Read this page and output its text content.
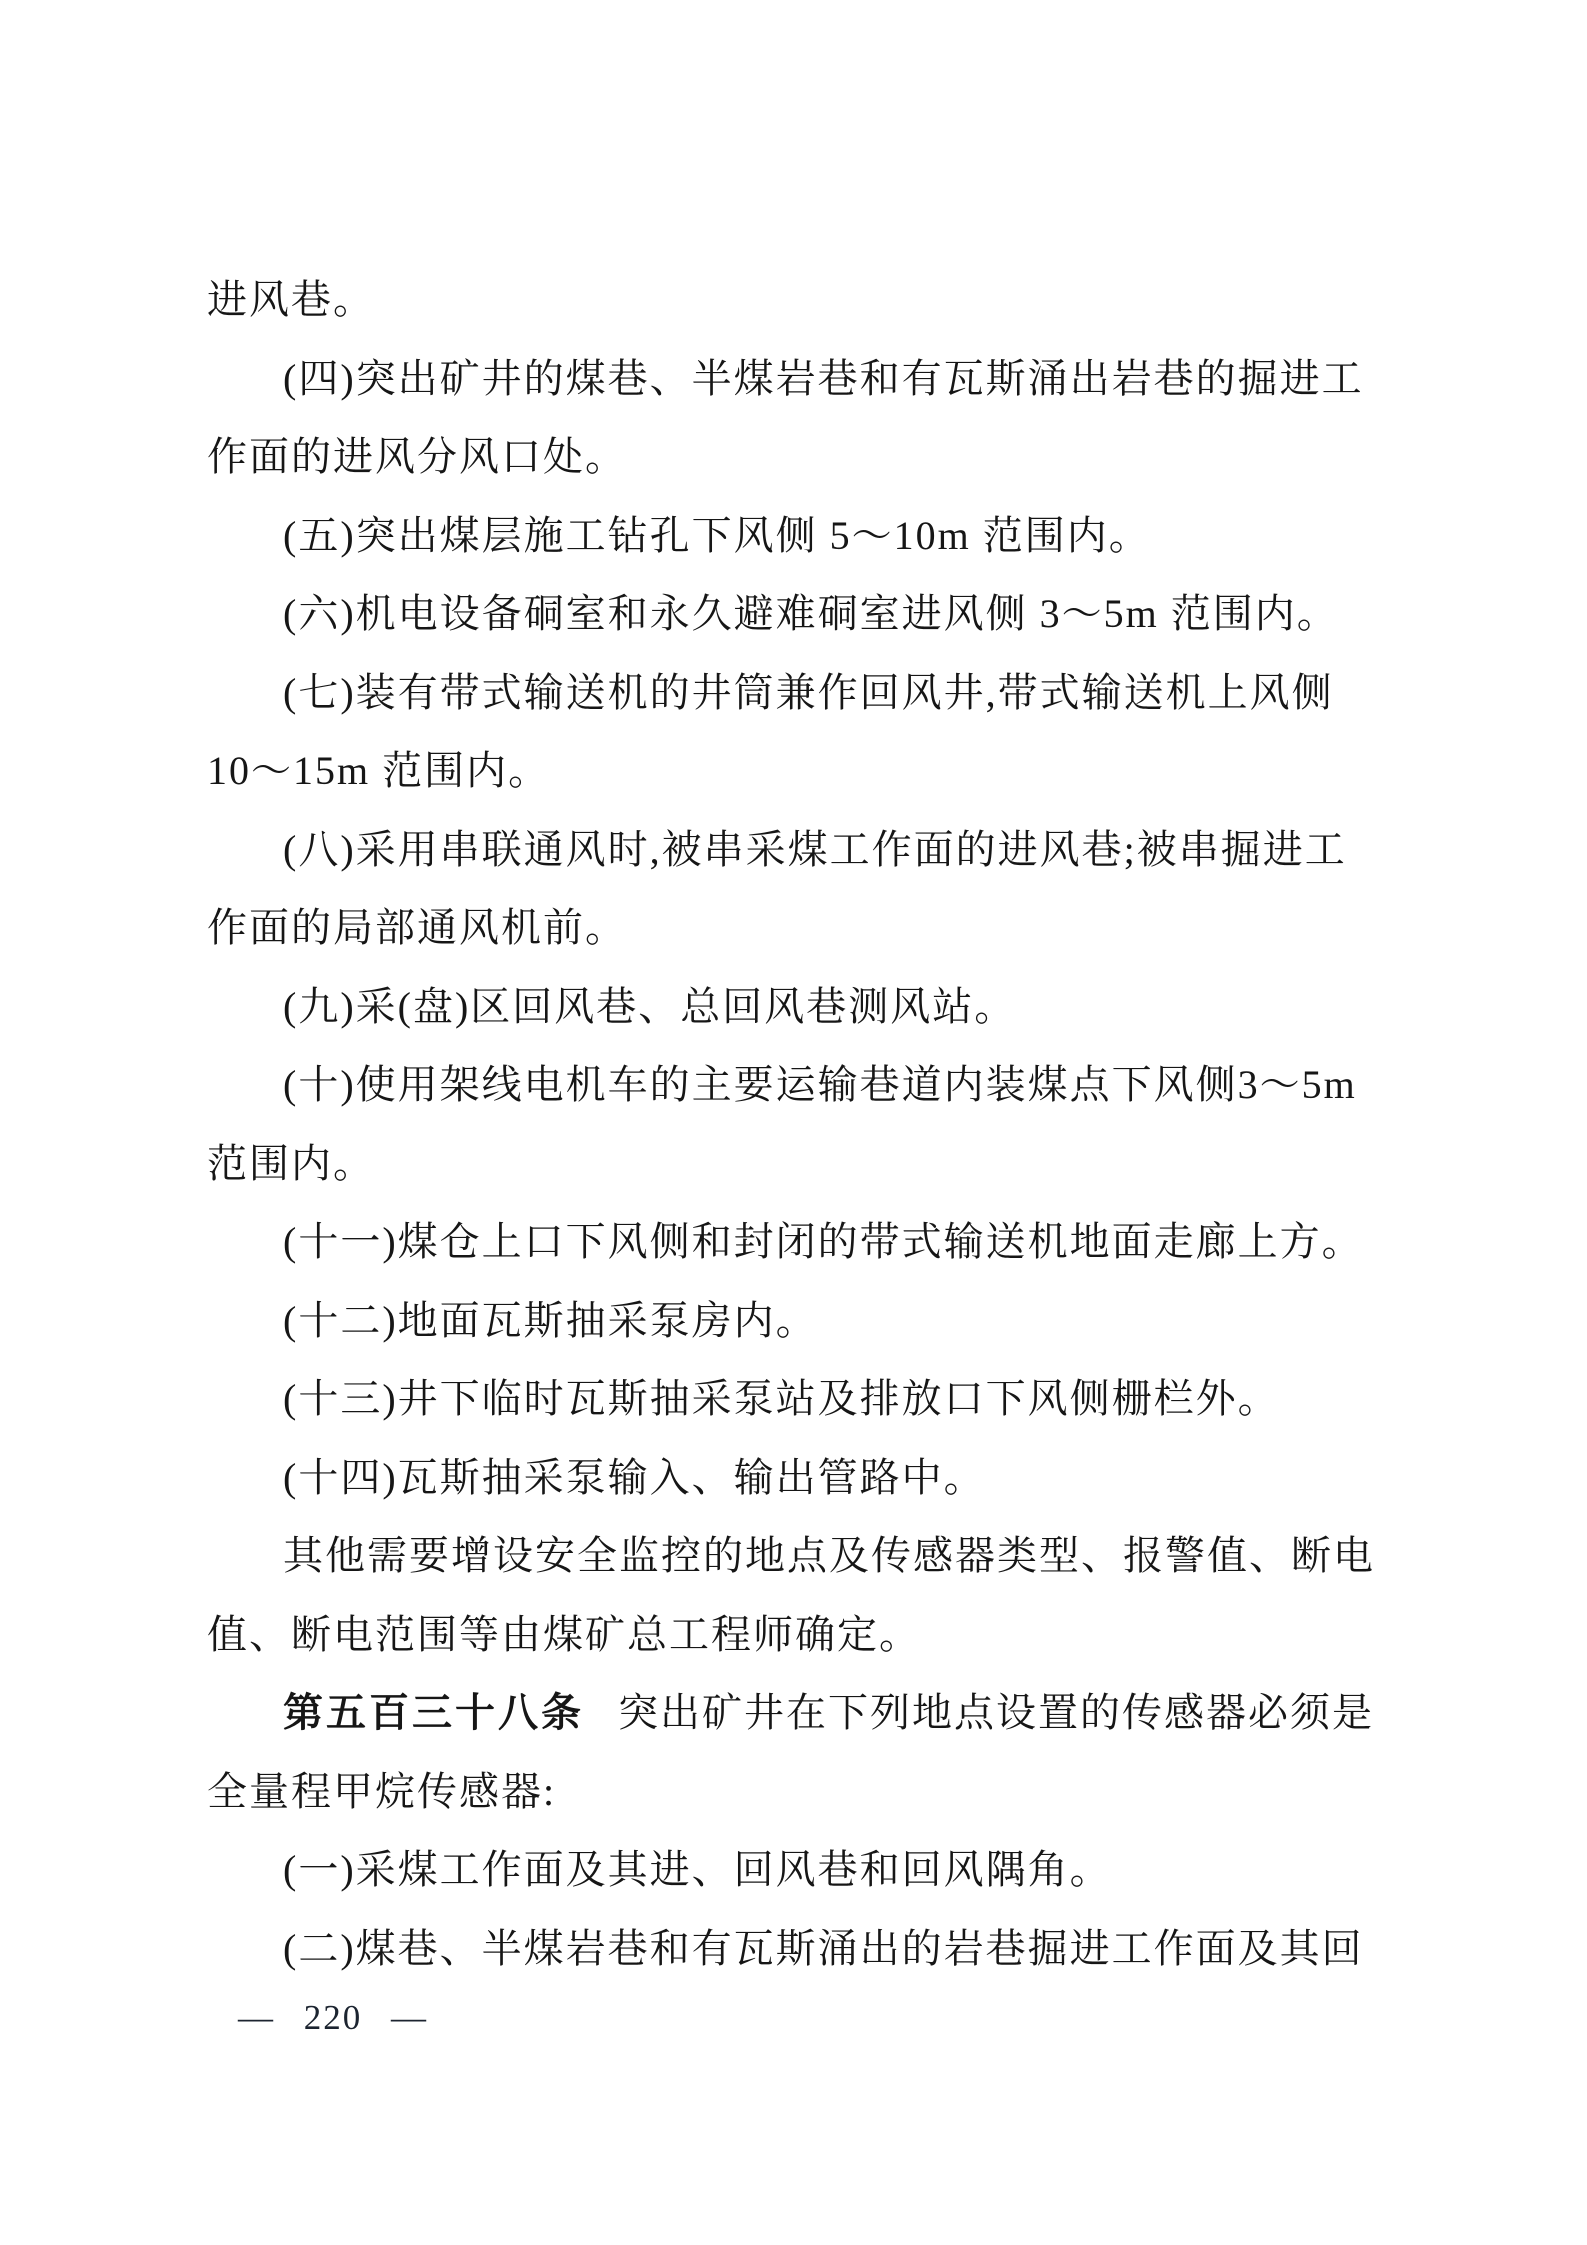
进风巷。

(四)突出矿井的煤巷、半煤岩巷和有瓦斯涌出岩巷的掘进工

作面的进风分风口处。

(五)突出煤层施工钻孔下风侧 5～10m 范围内。

(六)机电设备硐室和永久避难硐室进风侧 3～5m 范围内。

(七)装有带式输送机的井筒兼作回风井,带式输送机上风侧

10～15m 范围内。

(八)采用串联通风时,被串采煤工作面的进风巷;被串掘进工

作面的局部通风机前。

(九)采(盘)区回风巷、总回风巷测风站。

(十)使用架线电机车的主要运输巷道内装煤点下风侧3～5m

范围内。

(十一)煤仓上口下风侧和封闭的带式输送机地面走廊上方。

(十二)地面瓦斯抽采泵房内。

(十三)井下临时瓦斯抽采泵站及排放口下风侧栅栏外。

(十四)瓦斯抽采泵输入、输出管路中。

其他需要增设安全监控的地点及传感器类型、报警值、断电

值、断电范围等由煤矿总工程师确定。

第五百三十八条 突出矿井在下列地点设置的传感器必须是

全量程甲烷传感器:

(一)采煤工作面及其进、回风巷和回风隅角。

(二)煤巷、半煤岩巷和有瓦斯涌出的岩巷掘进工作面及其回

— 220 —
